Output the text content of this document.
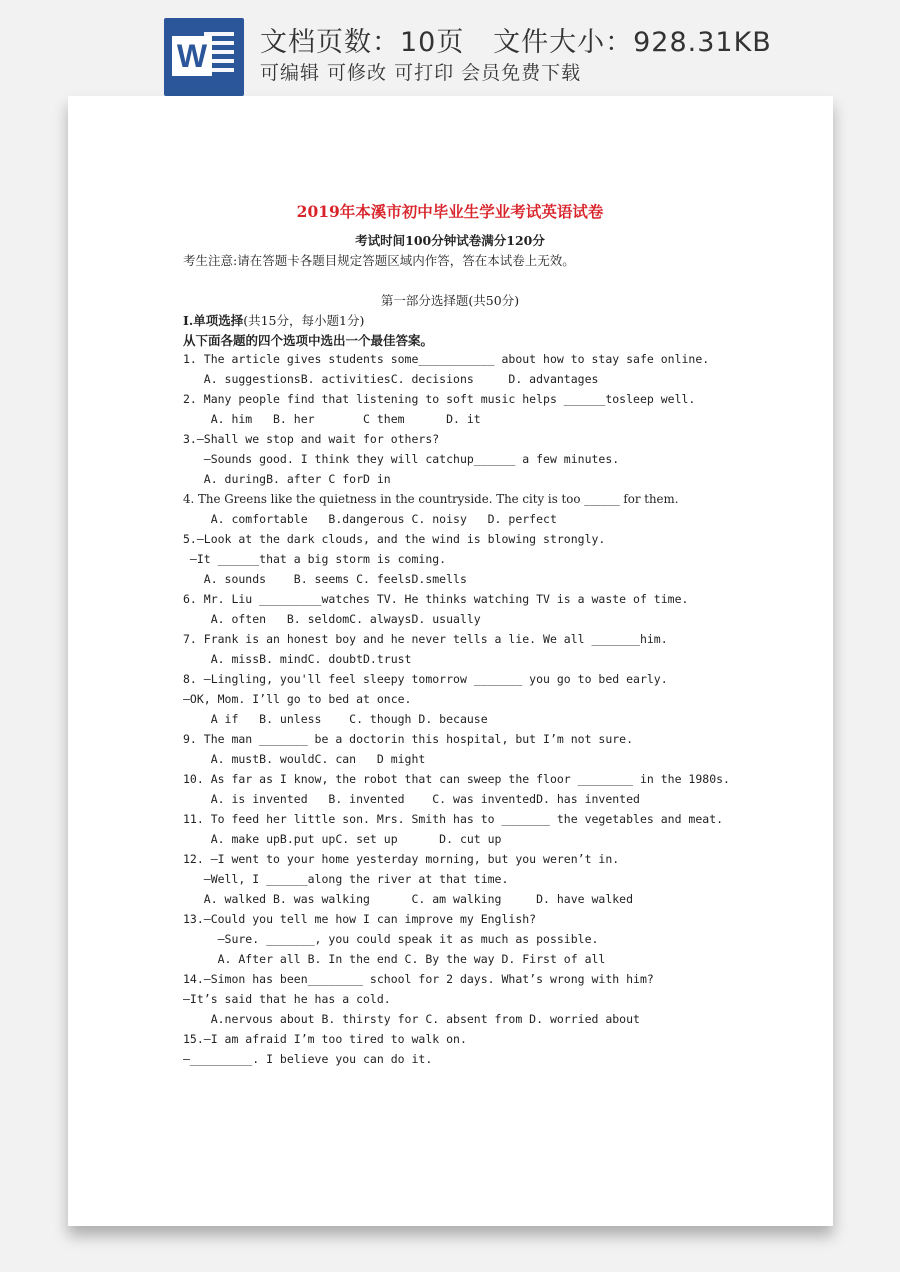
W 文档页数：10页   文件大小：928.31KB
可编辑 可修改 可打印 会员免费下载
2019年本溪市初中毕业生学业考试英语试卷
考试时间100分钟试卷满分120分
考生注意:请在答题卡各题目规定答题区域内作答，答在本试卷上无效。
第一部分选择题(共50分)
Ⅰ.单项选择(共15分，每小题1分)
从下面各题的四个选项中选出一个最佳答案。
1. The article gives students some___________ about how to stay safe online.
A. suggestionsB. activitiesC. decisions     D. advantages
2. Many people find that listening to soft music helps ______tosleep well.
A. him   B. her       C them      D. it
3.—Shall we stop and wait for others?
—Sounds good. I think they will catchup______ a few minutes.
A. duringB. after C forD in
4. The Greens like the quietness in the countryside. The city is too ______ for them.
A. comfortable   B.dangerous C. noisy   D. perfect
5.—Look at the dark clouds, and the wind is blowing strongly.
—It ______that a big storm is coming.
A. sounds    B. seems C. feelsD.smells
6. Mr. Liu _________watches TV. He thinks watching TV is a waste of time.
A. often   B. seldomC. alwaysD. usually
7. Frank is an honest boy and he never tells a lie. We all _______him.
A. missB. mindC. doubtD.trust
8. —Lingling, you'll feel sleepy tomorrow _______ you go to bed early.
—OK, Mom. I’ll go to bed at once.
A if   B. unless    C. though D. because
9. The man _______ be a doctorin this hospital, but I’m not sure.
A. mustB. wouldC. can   D might
10. As far as I know, the robot that can sweep the floor ________ in the 1980s.
A. is invented   B. invented    C. was inventedD. has invented
11. To feed her little son. Mrs. Smith has to _______ the vegetables and meat.
A. make upB.put upC. set up      D. cut up
12. —I went to your home yesterday morning, but you weren’t in.
—Well, I ______along the river at that time.
A. walked B. was walking      C. am walking     D. have walked
13.—Could you tell me how I can improve my English?
—Sure. _______, you could speak it as much as possible.
A. After all B. In the end C. By the way D. First of all
14.—Simon has been________ school for 2 days. What’s wrong with him?
—It’s said that he has a cold.
A.nervous about B. thirsty for C. absent from D. worried about
15.—I am afraid I’m too tired to walk on.
—_________. I believe you can do it.
